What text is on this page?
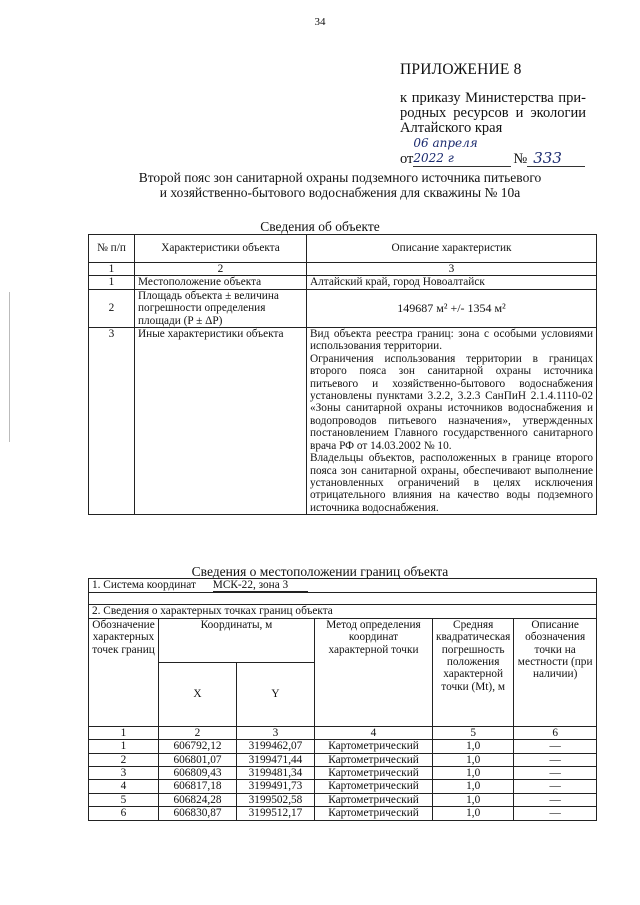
34
ПРИЛОЖЕНИЕ 8
к приказу Министерства при-
родных ресурсов и экологии
Алтайского края
от
06 апреля 2022 г	№ 333
Второй пояс зон санитарной охраны подземного источника питьевого
и хозяйственно-бытового водоснабжения для скважины № 10а
Сведения об объекте
№ п/п	Характеристики объекта	Описание характеристик
1	2	3
1	Местоположение объекта	Алтайский край, город Новоалтайск
2	Площадь объекта ± величина погрешности определения площади (P ± ΔP)	149687 м² +/- 1354 м²
3	Иные характеристики объекта	Вид объекта реестра границ: зона с особыми условиями использования территории.
Ограничения использования территории в границах второго пояса зон санитарной охраны источника питьевого и хозяйственно-бытового водоснабжения установлены пунктами 3.2.2, 3.2.3 СанПиН 2.1.4.1110-02 «Зоны санитарной охраны источников водоснабжения и водопроводов питьевого назначения», утвержденных постановлением Главного государственного санитарного врача РФ от 14.03.2002 № 10.
Владельцы объектов, расположенных в границе второго пояса зон санитарной охраны, обеспечивают выполнение установленных ограничений в целях исключения отрицательного влияния на качество воды подземного источника водоснабжения.
Сведения о местоположении границ объекта
1. Система координат МСК-22, зона 3					

2. Сведения о характерных точках границ объекта					
Обозначение характерных точек границ	Координаты, м		Метод определения координат характерной точки	Средняя квадратическая погрешность положения характерной точки (Mt), м	Описание обозначения точки на местности (при наличии)
	X	Y			
1	2	3	4	5	6
1	606792,12	3199462,07	Картометрический	1,0	—
2	606801,07	3199471,44	Картометрический	1,0	—
3	606809,43	3199481,34	Картометрический	1,0	—
4	606817,18	3199491,73	Картометрический	1,0	—
5	606824,28	3199502,58	Картометрический	1,0	—
6	606830,87	3199512,17	Картометрический	1,0	—
